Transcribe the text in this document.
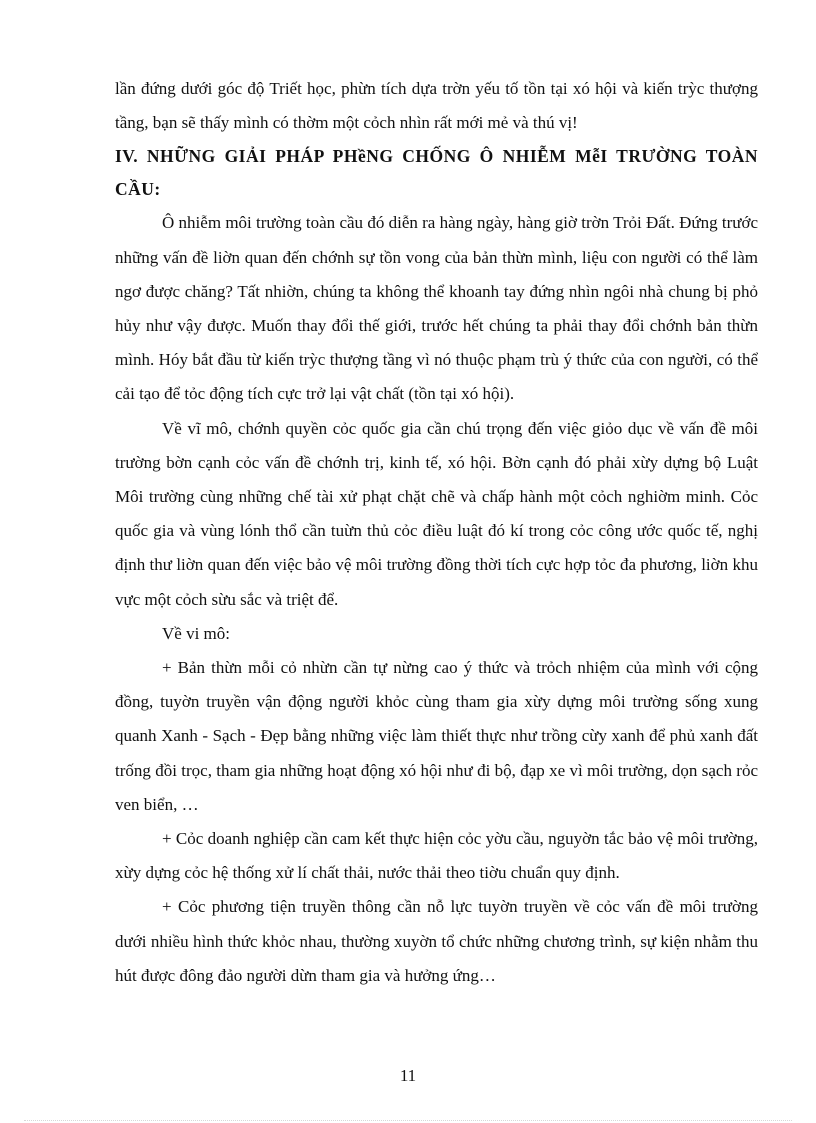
lần đứng dưới góc độ Triết học, phừn tích dựa trờn yếu tố tồn tại xó hội và kiến trỳc thượng tầng, bạn sẽ thấy mình có thờm một cỏch nhìn rất mới mẻ và thú vị!

IV. NHỮNG GIẢI PHÁP PHềNG CHỐNG Ô NHIỄM MễI TRƯỜNG TOÀN CẦU:

Ô nhiễm môi trường toàn cầu đó diễn ra hàng ngày, hàng giờ trờn Trỏi Đất. Đứng trước những vấn đề liờn quan đến chớnh sự tồn vong của bản thừn mình, liệu con người có thể làm ngơ được chăng? Tất nhiờn, chúng ta không thể khoanh tay đứng nhìn ngôi nhà chung bị phỏ hủy như vậy được. Muốn thay đổi thế giới, trước hết chúng ta phải thay đổi chớnh bản thừn mình. Hóy bắt đầu từ kiến trỳc thượng tầng vì nó thuộc phạm trù ý thức của con người, có thể cải tạo để tỏc động tích cực trở lại vật chất (tồn tại xó hội).

Về vĩ mô, chớnh quyền cỏc quốc gia cần chú trọng đến việc giỏo dục về vấn đề môi trường bờn cạnh cỏc vấn đề chớnh trị, kinh tế, xó hội. Bờn cạnh đó phải xừy dựng bộ Luật Môi trường cùng những chế tài xử phạt chặt chẽ và chấp hành một cỏch nghiờm minh. Cỏc quốc gia và vùng lónh thổ cần tuừn thủ cỏc điều luật đó kí trong cỏc công ước quốc tế, nghị định thư liờn quan đến việc bảo vệ môi trường đồng thời tích cực hợp tỏc đa phương, liờn khu vực một cỏch sừu sắc và triệt để.

Về vi mô:

+ Bản thừn mỗi cỏ nhừn cần tự nừng cao ý thức và trỏch nhiệm của mình với cộng đồng, tuyờn truyền vận động người khỏc cùng tham gia xừy dựng môi trường sống xung quanh Xanh - Sạch - Đẹp bằng những việc làm thiết thực như trồng cừy xanh để phủ xanh đất trống đồi trọc, tham gia những hoạt động xó hội như đi bộ, đạp xe vì môi trường, dọn sạch rỏc ven biển, …

+ Cỏc doanh nghiệp cần cam kết thực hiện cỏc yờu cầu, nguyờn tắc bảo vệ môi trường, xừy dựng cỏc hệ thống xử lí chất thải, nước thải theo tiờu chuẩn quy định.

+ Cỏc phương tiện truyền thông cần nỗ lực tuyờn truyền về cỏc vấn đề môi trường dưới nhiều hình thức khỏc nhau, thường xuyờn tổ chức những chương trình, sự kiện nhằm thu hút được đông đảo người dừn tham gia và hưởng ứng…

11
